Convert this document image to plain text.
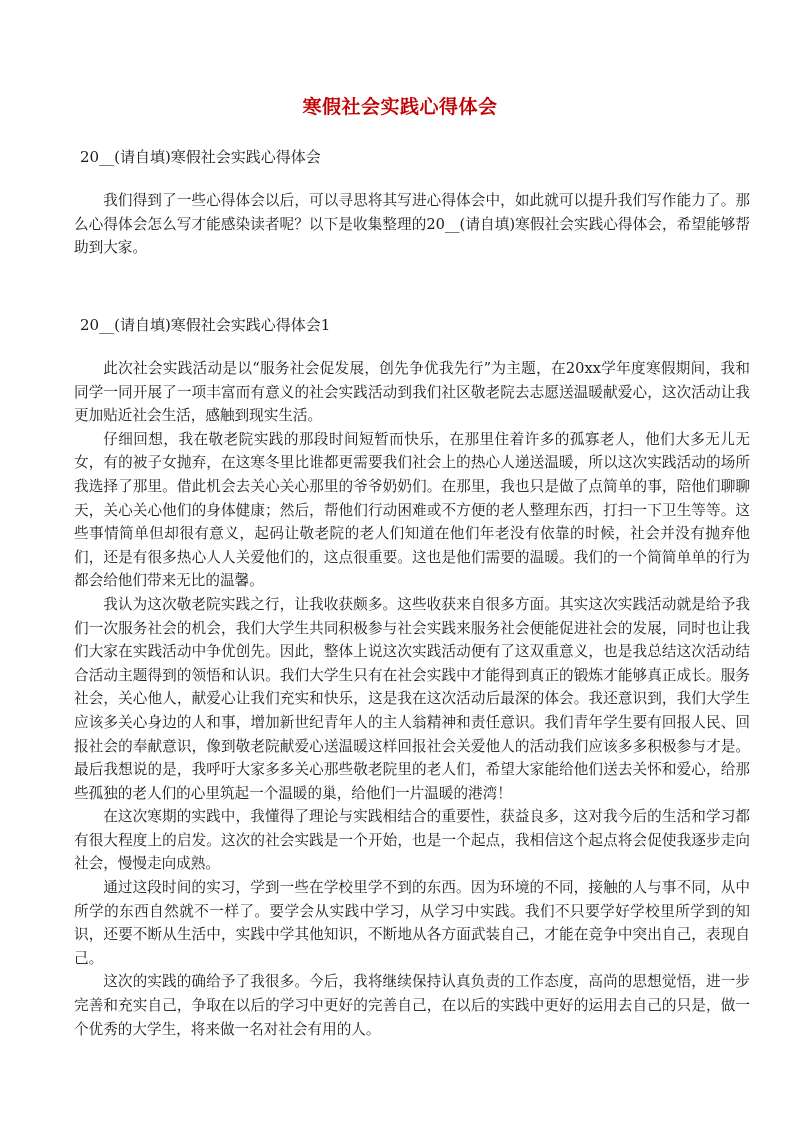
寒假社会实践心得体会
20__(请自填)寒假社会实践心得体会

我们得到了一些心得体会以后，可以寻思将其写进心得体会中，如此就可以提升我们写作能力了。那么心得体会怎么写才能感染读者呢？以下是收集整理的20__(请自填)寒假社会实践心得体会，希望能够帮助到大家。

20__(请自填)寒假社会实践心得体会1

此次社会实践活动是以“服务社会促发展，创先争优我先行”为主题，在20xx学年度寒假期间，我和同学一同开展了一项丰富而有意义的社会实践活动到我们社区敬老院去志愿送温暖献爱心，这次活动让我更加贴近社会生活，感触到现实生活。

仔细回想，我在敬老院实践的那段时间短暂而快乐，在那里住着许多的孤寡老人，他们大多无儿无女，有的被子女抛弃，在这寒冬里比谁都更需要我们社会上的热心人递送温暖，所以这次实践活动的场所我选择了那里。借此机会去关心关心那里的爷爷奶奶们。在那里，我也只是做了点简单的事，陪他们聊聊天，关心关心他们的身体健康；然后，帮他们行动困难或不方便的老人整理东西，打扫一下卫生等等。这些事情简单但却很有意义，起码让敬老院的老人们知道在他们年老没有依靠的时候，社会并没有抛弃他们，还是有很多热心人人关爱他们的，这点很重要。这也是他们需要的温暖。我们的一个简简单单的行为都会给他们带来无比的温馨。

我认为这次敬老院实践之行，让我收获颇多。这些收获来自很多方面。其实这次实践活动就是给予我们一次服务社会的机会，我们大学生共同积极参与社会实践来服务社会便能促进社会的发展，同时也让我们大家在实践活动中争优创先。因此，整体上说这次实践活动便有了这双重意义，也是我总结这次活动结合活动主题得到的领悟和认识。我们大学生只有在社会实践中才能得到真正的锻炼才能够真正成长。服务社会，关心他人，献爱心让我们充实和快乐，这是我在这次活动后最深的体会。我还意识到，我们大学生应该多关心身边的人和事，增加新世纪青年人的主人翁精神和责任意识。我们青年学生要有回报人民、回报社会的奉献意识，像到敬老院献爱心送温暖这样回报社会关爱他人的活动我们应该多多积极参与才是。最后我想说的是，我呼吁大家多多关心那些敬老院里的老人们，希望大家能给他们送去关怀和爱心，给那些孤独的老人们的心里筑起一个温暖的巢，给他们一片温暖的港湾！

在这次寒期的实践中，我懂得了理论与实践相结合的重要性，获益良多，这对我今后的生活和学习都有很大程度上的启发。这次的社会实践是一个开始，也是一个起点，我相信这个起点将会促使我逐步走向社会，慢慢走向成熟。

通过这段时间的实习，学到一些在学校里学不到的东西。因为环境的不同，接触的人与事不同，从中所学的东西自然就不一样了。要学会从实践中学习，从学习中实践。我们不只要学好学校里所学到的知识，还要不断从生活中，实践中学其他知识，不断地从各方面武装自己，才能在竞争中突出自己，表现自己。

这次的实践的确给予了我很多。今后，我将继续保持认真负责的工作态度，高尚的思想觉悟，进一步完善和充实自己，争取在以后的学习中更好的完善自己，在以后的实践中更好的运用去自己的只是，做一个优秀的大学生，将来做一名对社会有用的人。
